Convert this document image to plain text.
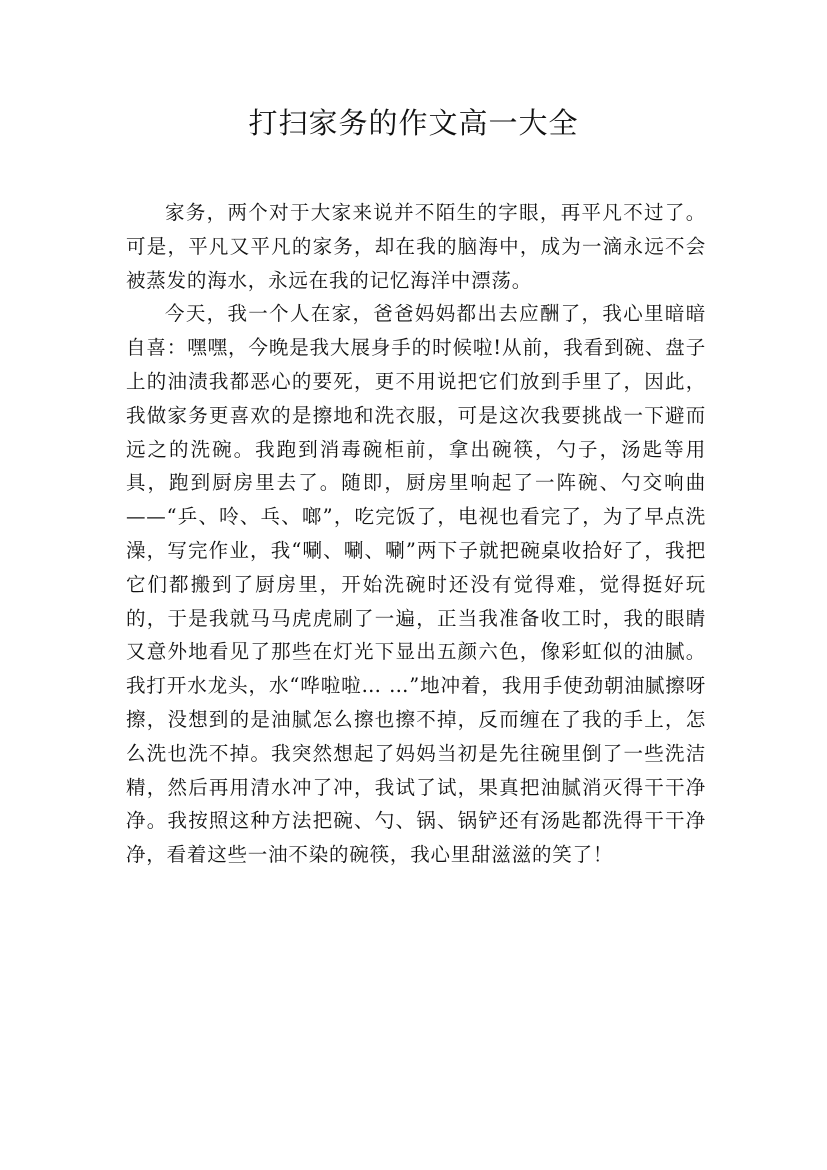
打扫家务的作文高一大全

家务，两个对于大家来说并不陌生的字眼，再平凡不过了。可是，平凡又平凡的家务，却在我的脑海中，成为一滴永远不会被蒸发的海水，永远在我的记忆海洋中漂荡。

今天，我一个人在家，爸爸妈妈都出去应酬了，我心里暗暗自喜：嘿嘿，今晚是我大展身手的时候啦!从前，我看到碗、盘子上的油渍我都恶心的要死，更不用说把它们放到手里了，因此，我做家务更喜欢的是擦地和洗衣服，可是这次我要挑战一下避而远之的洗碗。我跑到消毒碗柜前，拿出碗筷，勺子，汤匙等用具，跑到厨房里去了。随即，厨房里响起了一阵碗、勺交响曲——“乒、呤、乓、啷”，吃完饭了，电视也看完了，为了早点洗澡，写完作业，我“唰、唰、唰”两下子就把碗桌收拾好了，我把它们都搬到了厨房里，开始洗碗时还没有觉得难，觉得挺好玩的，于是我就马马虎虎刷了一遍，正当我准备收工时，我的眼睛又意外地看见了那些在灯光下显出五颜六色，像彩虹似的油腻。我打开水龙头，水“哗啦啦… …”地冲着，我用手使劲朝油腻擦呀擦，没想到的是油腻怎么擦也擦不掉，反而缠在了我的手上，怎么洗也洗不掉。我突然想起了妈妈当初是先往碗里倒了一些洗洁精，然后再用清水冲了冲，我试了试，果真把油腻消灭得干干净净。我按照这种方法把碗、勺、锅、锅铲还有汤匙都洗得干干净净，看着这些一油不染的碗筷，我心里甜滋滋的笑了！
